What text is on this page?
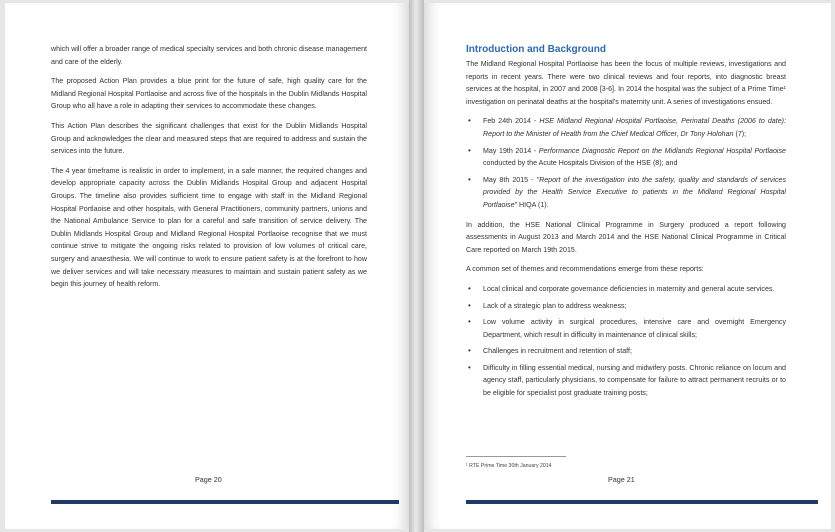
which will offer a broader range of medical specialty services and both chronic disease management and care of the elderly.

The proposed Action Plan provides a blue print for the future of safe, high quality care for the Midland Regional Hospital Portlaoise and across five of the hospitals in the Dublin Midlands Hospital Group who all have a role in adapting their services to accommodate these changes.

This Action Plan describes the significant challenges that exist for the Dublin Midlands Hospital Group and acknowledges the clear and measured steps that are required to address and sustain the services into the future.

The 4 year timeframe is realistic in order to implement, in a safe manner, the required changes and develop appropriate capacity across the Dublin Midlands Hospital Group and adjacent Hospital Groups. The timeline also provides sufficient time to engage with staff in the Midland Regional Hospital Portlaoise and other hospitals, with General Practitioners, community partners, unions and the National Ambulance Service to plan for a careful and safe transition of service delivery. The Dublin Midlands Hospital Group and Midland Regional Hospital Portlaoise recognise that we must continue strive to mitigate the ongoing risks related to provision of low volumes of critical care, surgery and anaesthesia. We will continue to work to ensure patient safety is at the forefront to how we deliver services and will take necessary measures to maintain and sustain patient safety as we begin this journey of health reform.

Page 20
Introduction and Background

The Midland Regional Hospital Portlaoise has been the focus of multiple reviews, investigations and reports in recent years. There were two clinical reviews and four reports, into diagnostic breast services at the hospital, in 2007 and 2008 [3-6]. In 2014 the hospital was the subject of a Prime Time¹ investigation on perinatal deaths at the hospital's maternity unit. A series of investigations ensued.

• Feb 24th 2014 - HSE Midland Regional Hospital Portlaoise, Perinatal Deaths (2006 to date): Report to the Minister of Health from the Chief Medical Officer, Dr Tony Holohan (7);
• May 19th 2014 - Performance Diagnostic Report on the Midlands Regional Hospital Portlaoise conducted by the Acute Hospitals Division of the HSE (8); and
• May 8th 2015 - "Report of the investigation into the safety, quality and standards of services provided by the Health Service Executive to patients in the Midland Regional Hospital Portlaoise" HIQA (1).

In addition, the HSE National Clinical Programme in Surgery produced a report following assessments in August 2013 and March 2014 and the HSE National Clinical Programme in Critical Care reported on March 19th 2015.

A common set of themes and recommendations emerge from these reports:

• Local clinical and corporate governance deficiencies in maternity and general acute services.
• Lack of a strategic plan to address weakness;
• Low volume activity in surgical procedures, intensive care and overnight Emergency Department, which result in difficulty in maintenance of clinical skills;
• Challenges in recruitment and retention of staff;
• Difficulty in filling essential medical, nursing and midwifery posts. Chronic reliance on locum and agency staff, particularly physicians, to compensate for failure to attract permanent recruits or to be eligible for specialist post graduate training posts;
¹ RTE Prime Time 30th January 2014
Page 21
